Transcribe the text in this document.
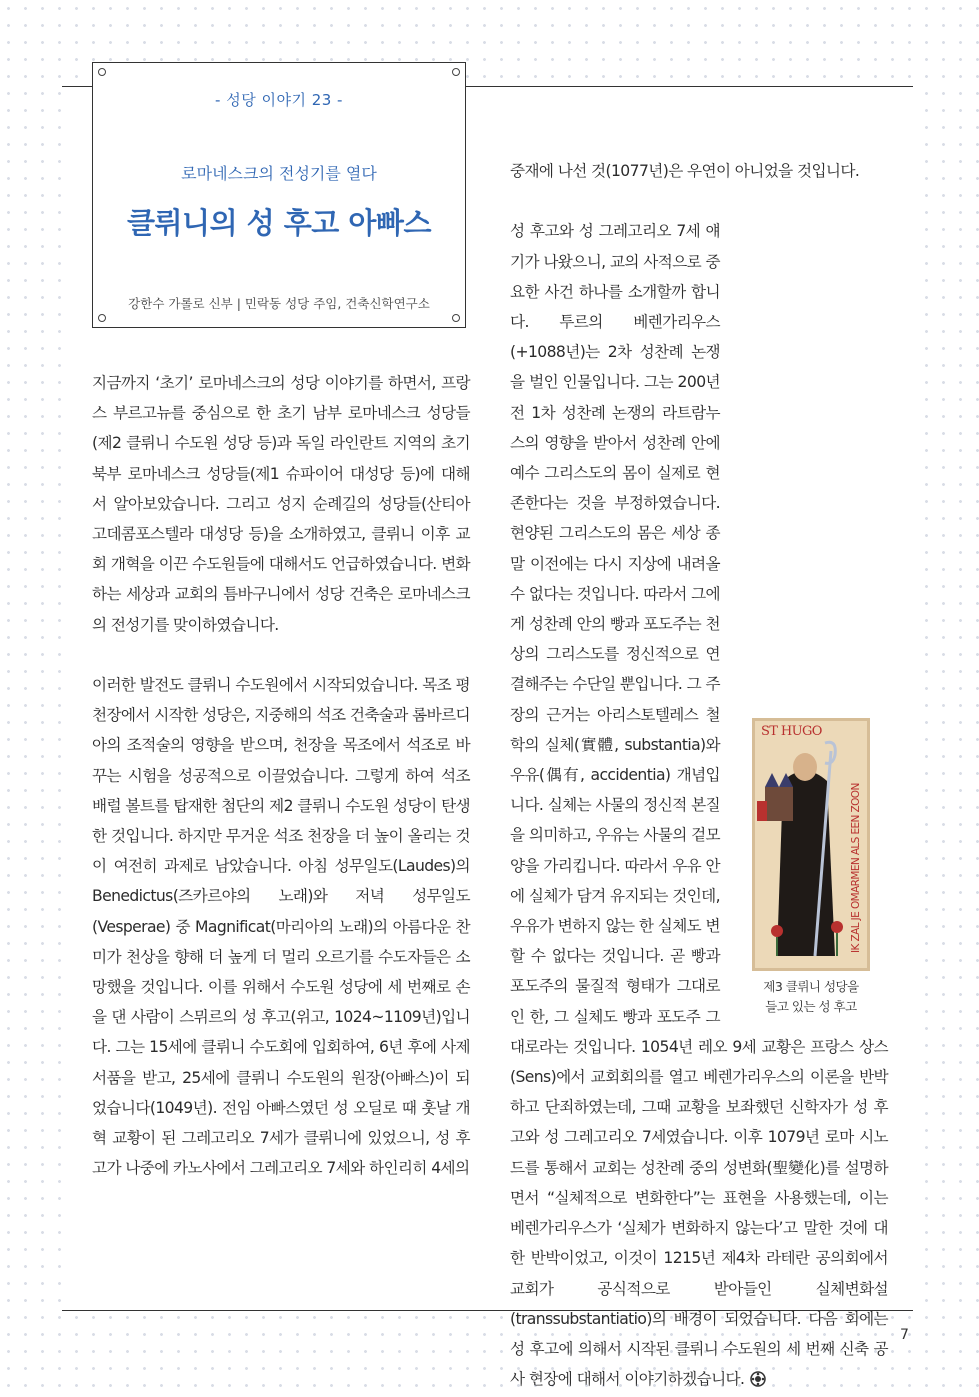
- 성당 이야기 23 -
로마네스크의 전성기를 열다
클뤼니의 성 후고 아빠스
강한수 가롤로 신부 | 민락동 성당 주임, 건축신학연구소

지금까지 ‘초기’ 로마네스크의 성당 이야기를 하면서, 프랑스 부르고뉴를 중심으로 한 초기 남부 로마네스크 성당들(제2 클뤼니 수도원 성당 등)과 독일 라인란트 지역의 초기 북부 로마네스크 성당들(제1 슈파이어 대성당 등)에 대해서 알아보았습니다. 그리고 성지 순례길의 성당들(산티아고데콤포스텔라 대성당 등)을 소개하였고, 클뤼니 이후 교회 개혁을 이끈 수도원들에 대해서도 언급하였습니다. 변화하는 세상과 교회의 틈바구니에서 성당 건축은 로마네스크의 전성기를 맞이하였습니다.

이러한 발전도 클뤼니 수도원에서 시작되었습니다. 목조 평천장에서 시작한 성당은, 지중해의 석조 건축술과 롬바르디아의 조적술의 영향을 받으며, 천장을 목조에서 석조로 바꾸는 시험을 성공적으로 이끌었습니다. 그렇게 하여 석조 배럴 볼트를 탑재한 첨단의 제2 클뤼니 수도원 성당이 탄생한 것입니다. 하지만 무거운 석조 천장을 더 높이 올리는 것이 여전히 과제로 남았습니다. 아침 성무일도(Laudes)의 Benedictus(즈카르야의 노래)와 저녁 성무일도(Vesperae) 중 Magnificat(마리아의 노래)의 아름다운 찬미가 천상을 향해 더 높게 더 멀리 오르기를 수도자들은 소망했을 것입니다. 이를 위해서 수도원 성당에 세 번째로 손을 댄 사람이 스뮈르의 성 후고(위고, 1024~1109년)입니다. 그는 15세에 클뤼니 수도회에 입회하여, 6년 후에 사제서품을 받고, 25세에 클뤼니 수도원의 원장(아빠스)이 되었습니다(1049년). 전임 아빠스였던 성 오딜로 때 훗날 개혁 교황이 된 그레고리오 7세가 클뤼니에 있었으니, 성 후고가 나중에 카노사에서 그레고리오 7세와 하인리히 4세의

중재에 나선 것(1077년)은 우연이 아니었을 것입니다.

ST HUGO
IK ZAL JE OMARMEN ALS EEN ZOON
제3 클뤼니 성당을
들고 있는 성 후고
성 후고와 성 그레고리오 7세 얘기가 나왔으니, 교의 사적으로 중요한 사건 하나를 소개할까 합니다. 투르의 베렌가리우스(+1088년)는 2차 성찬례 논쟁을 벌인 인물입니다. 그는 200년 전 1차 성찬례 논쟁의 라트람누스의 영향을 받아서 성찬례 안에 예수 그리스도의 몸이 실제로 현존한다는 것을 부정하였습니다. 현양된 그리스도의 몸은 세상 종말 이전에는 다시 지상에 내려올 수 없다는 것입니다. 따라서 그에게 성찬례 안의 빵과 포도주는 천상의 그리스도를 정신적으로 연결해주는 수단일 뿐입니다. 그 주장의 근거는 아리스토텔레스 철학의 실체(實體, substantia)와 우유(偶有, accidentia) 개념입니다. 실체는 사물의 정신적 본질을 의미하고, 우유는 사물의 겉모양을 가리킵니다. 따라서 우유 안에 실체가 담겨 유지되는 것인데, 우유가 변하지 않는 한 실체도 변할 수 없다는 것입니다. 곧 빵과 포도주의 물질적 형태가 그대로인 한, 그 실체도 빵과 포도주 그대로라는 것입니다. 1054년 레오 9세 교황은 프랑스 상스(Sens)에서 교회회의를 열고 베렌가리우스의 이론을 반박하고 단죄하였는데, 그때 교황을 보좌했던 신학자가 성 후고와 성 그레고리오 7세였습니다. 이후 1079년 로마 시노드를 통해서 교회는 성찬례 중의 성변화(聖變化)를 설명하면서 “실체적으로 변화한다”는 표현을 사용했는데, 이는 베렌가리우스가 ‘실체가 변화하지 않는다’고 말한 것에 대한 반박이었고, 이것이 1215년 제4차 라테란 공의회에서 교회가 공식적으로 받아들인 실체변화설(transsubstantiatio)의 배경이 되었습니다. 다음 회에는 성 후고에 의해서 시작된 클뤼니 수도원의 세 번째 신축 공사 현장에 대해서 이야기하겠습니다.
7
